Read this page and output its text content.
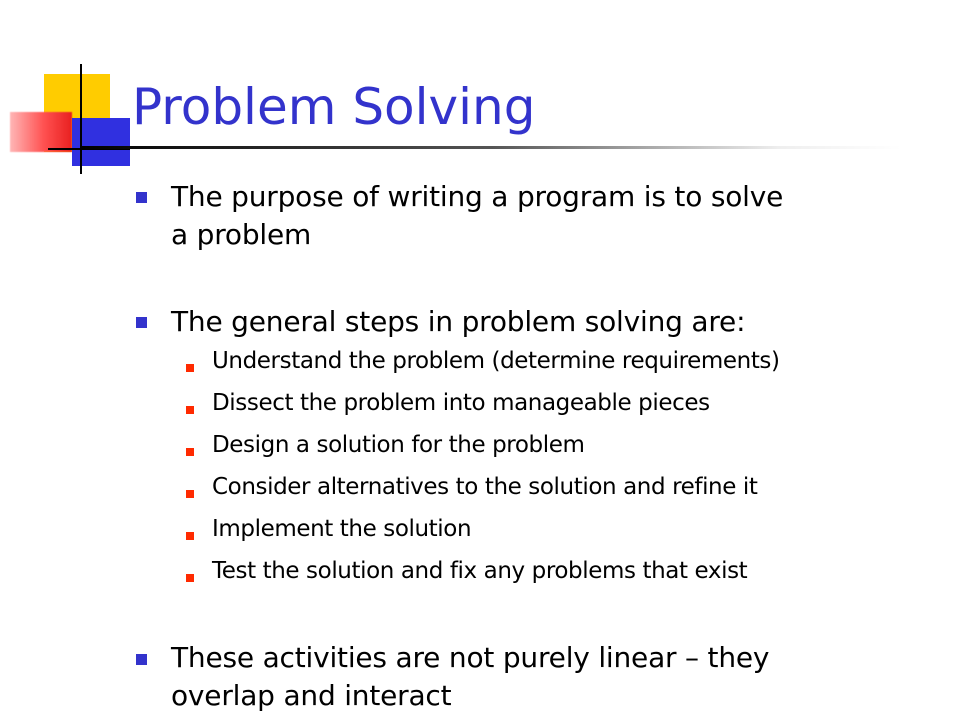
Problem Solving

The purpose of writing a program is to solve

a problem

The general steps in problem solving are:

Understand the problem (determine requirements)

Dissect the problem into manageable pieces

Design a solution for the problem

Consider alternatives to the solution and refine it

Implement the solution

Test the solution and fix any problems that exist

These activities are not purely linear – they

overlap and interact
